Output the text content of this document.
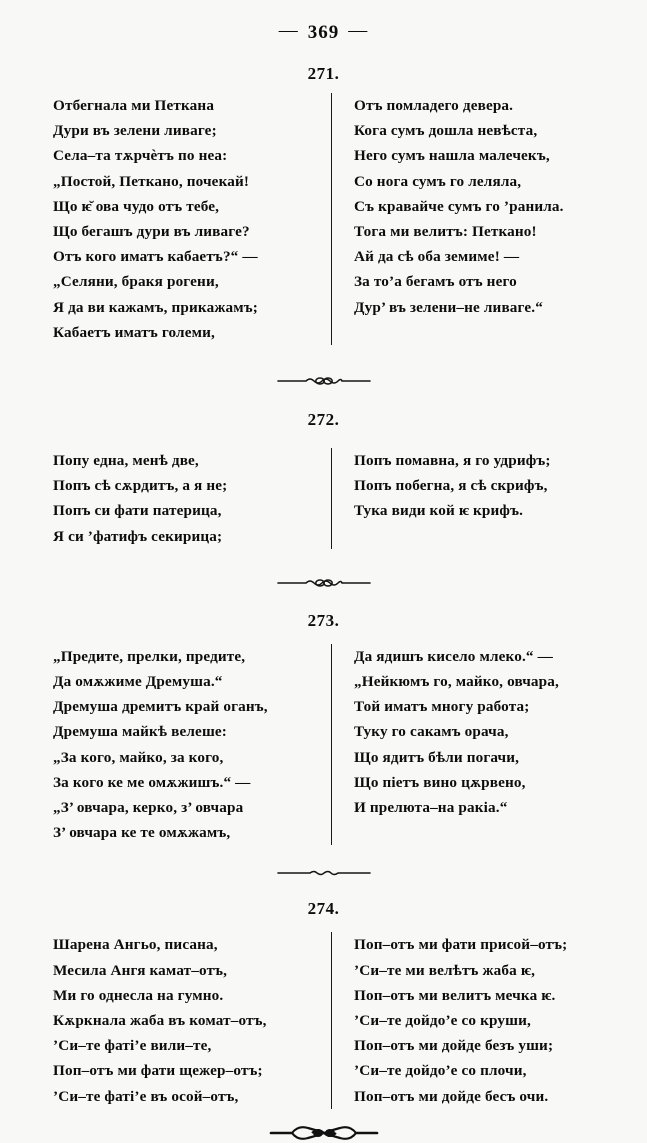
— 369 —
271.
Отбегнала ми Петкана
Дури въ зелени ливаге;
Села–та тѫрчѐтъ по неа:
„Постой, Петкано, почекай!
Що ѥ̆ ова чудо отъ тебе,
Що бегашъ дури въ ливаге?
Отъ кого иматъ кабаетъ?“ —
„Селяни, бракя рогени,
Я да ви кажамъ, прикажамъ;
Кабаетъ иматъ големи,
Отъ помладего девера.
Кога сумъ дошла невѣста,
Него сумъ нашла малечекъ,
Со нога сумъ го леляла,
Съ кравайче сумъ го ’ранила.
Тога ми велитъ: Петкано!
Ай да сѣ оба земиме! —
За то’а бегамъ отъ него
Дур’ въ зелени–не ливаге.“
272.
Попу една, менѣ две,
Попъ сѣ сѫрдитъ, а я не;
Попъ си фати патерица,
Я си ’фатифъ секирица;
Попъ помавна, я го удрифъ;
Попъ побегна, я сѣ скрифъ,
Тука види кой ѥ крифъ.
273.
„Предите, прелки, предите,
Да омѫжиме Дремуша.“
Дремуша дремитъ край оганъ,
Дремуша майкѣ велеше:
„За кого, майко, за кого,
За кого ке ме омѫжишъ.“ —
„З’ овчара, керко, з’ овчара
З’ овчара ке те омѫжамъ,
Да ядишъ кисело млеко.“ —
„Нейкюмъ го, майко, овчара,
Той иматъ многу работа;
Туку го сакамъ орача,
Що ядитъ бѣли погачи,
Що піетъ вино цѫрвено,
И прелюта–на ракіа.“
274.
Шарена Ангьо, писана,
Месила Ангя камат–отъ,
Ми го однесла на гумно.
Кѫркнала жаба въ комат–отъ,
’Си–те фаті’е вили–те,
Поп–отъ ми фати щежер–отъ;
’Си–те фаті’е въ осой–отъ,
Поп–отъ ми фати присой–отъ;
’Си–те ми велѣтъ жаба ѥ,
Поп–отъ ми велитъ мечка ѥ.
’Си–те дойдо’е со круши,
Поп–отъ ми дойде безъ уши;
’Си–те дойдо’е со плочи,
Поп–отъ ми дойде бесъ очи.
